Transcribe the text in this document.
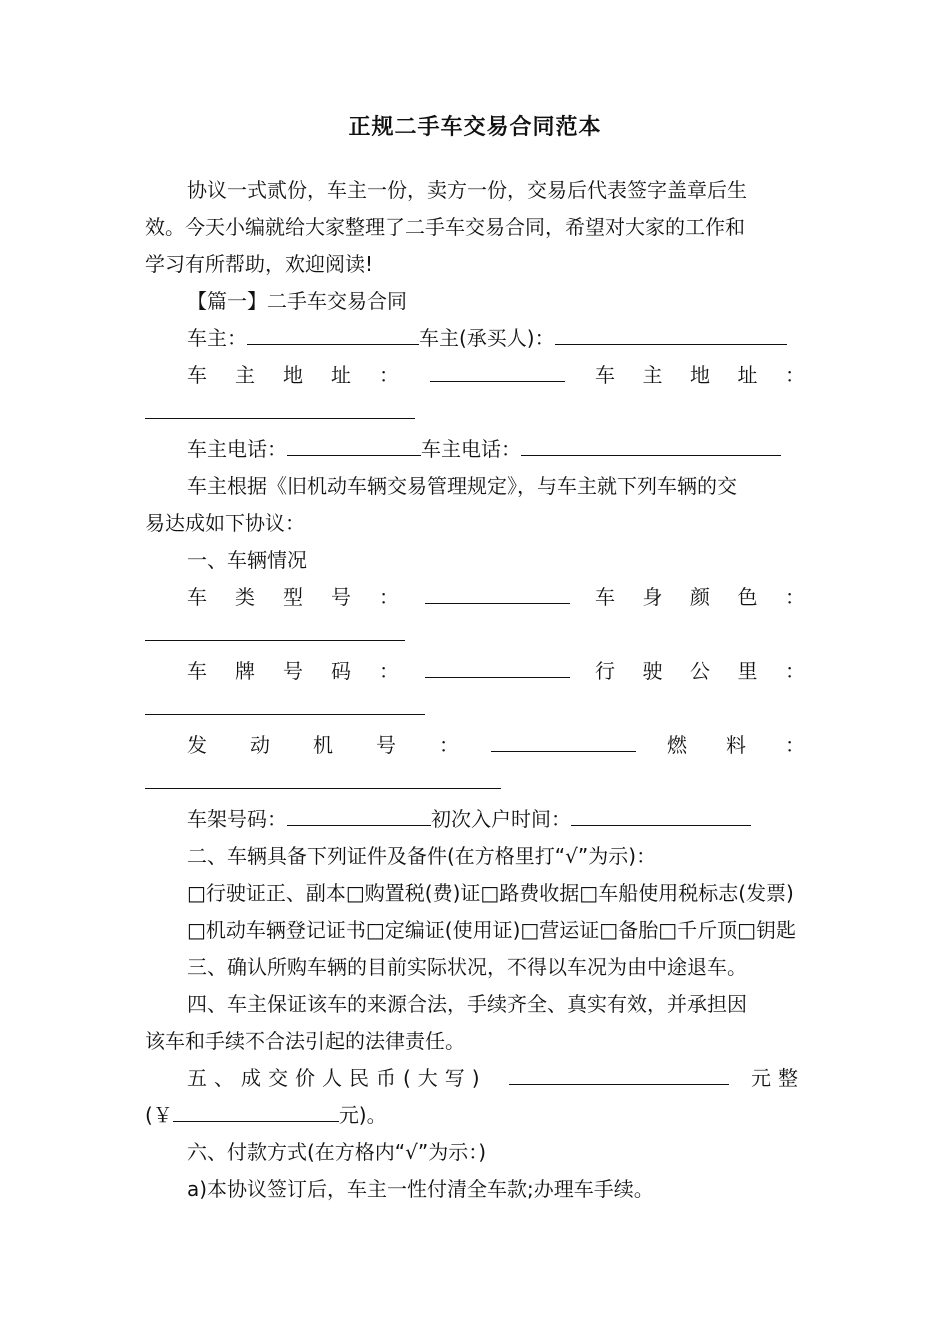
正规二手车交易合同范本
协议一式贰份，车主一份，卖方一份，交易后代表签字盖章后生
效。今天小编就给大家整理了二手车交易合同，希望对大家的工作和
学习有所帮助，欢迎阅读!
【篇一】二手车交易合同
车主：	车主(承买人)：
车 主 地 址 ：	车 主 地 址 ：
车主电话：	车主电话：
车主根据《旧机动车辆交易管理规定》，与车主就下列车辆的交
易达成如下协议：
一、车辆情况
车 类 型 号 ：	车 身 颜 色 ：
车 牌 号 码 ：	行 驶 公 里 ：
发 动 机 号 ：	燃 料 ：
车架号码：	初次入户时间：
二、车辆具备下列证件及备件(在方格里打“√”为示)：
□行驶证正、副本□购置税(费)证□路费收据□车船使用税标志(发票)
□机动车辆登记证书□定编证(使用证)□营运证□备胎□千斤顶□钥匙
三、确认所购车辆的目前实际状况，不得以车况为由中途退车。
四、车主保证该车的来源合法，手续齐全、真实有效，并承担因
该车和手续不合法引起的法律责任。
五、成交价人民币(大写)	元整
(￥	元)。
六、付款方式(在方格内“√”为示：)
a)本协议签订后，车主一性付清全车款;办理车手续。
